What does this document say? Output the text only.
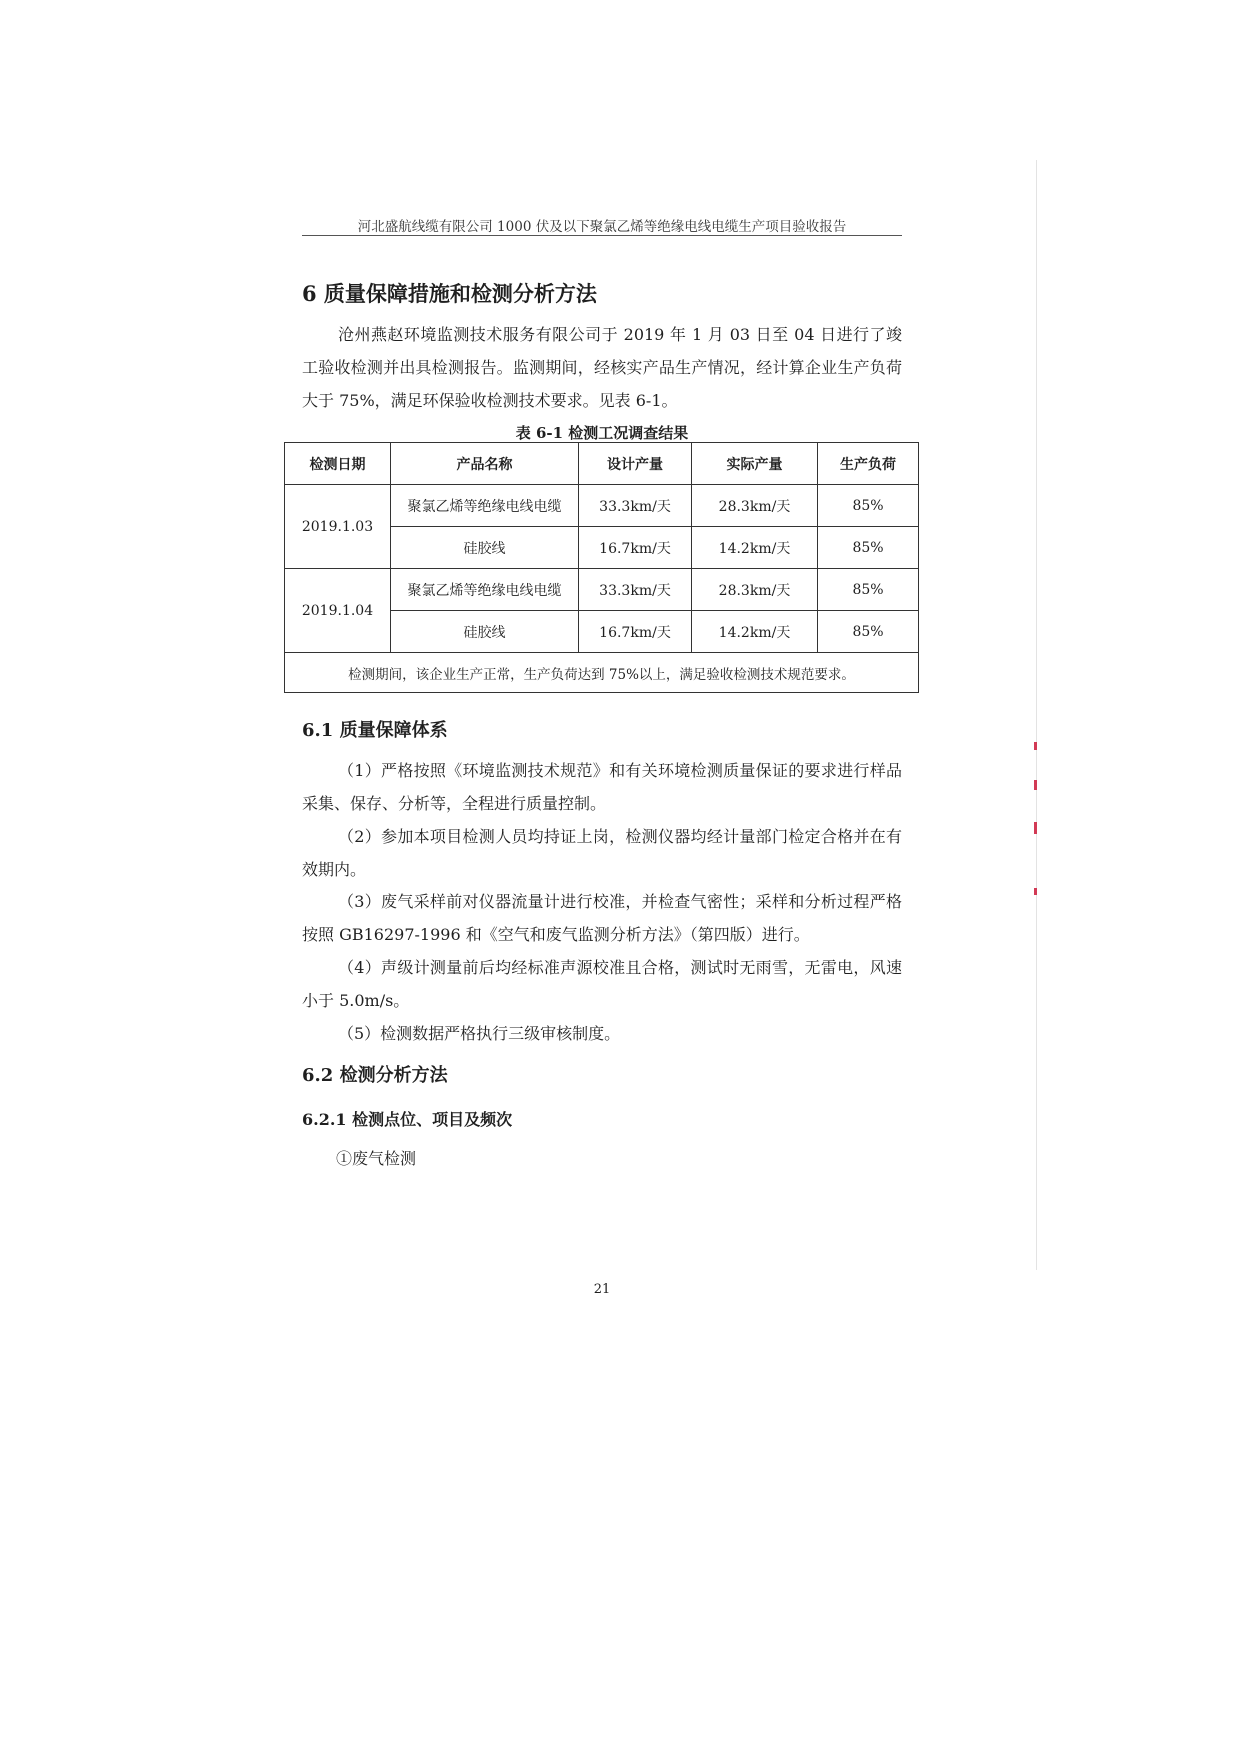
河北盛航线缆有限公司 1000 伏及以下聚氯乙烯等绝缘电线电缆生产项目验收报告
6 质量保障措施和检测分析方法

沧州燕赵环境监测技术服务有限公司于 2019 年 1 月 03 日至 04 日进行了竣工验收检测并出具检测报告。监测期间，经核实产品生产情况，经计算企业生产负荷大于 75%，满足环保验收检测技术要求。见表 6-1。

表 6-1 检测工况调查结果
检测日期	产品名称	设计产量	实际产量	生产负荷
2019.1.03	聚氯乙烯等绝缘电线电缆	33.3km/天	28.3km/天	85%
	硅胶线	16.7km/天	14.2km/天	85%
2019.1.04	聚氯乙烯等绝缘电线电缆	33.3km/天	28.3km/天	85%
	硅胶线	16.7km/天	14.2km/天	85%
检测期间，该企业生产正常，生产负荷达到 75%以上，满足验收检测技术规范要求。				
6.1 质量保障体系

（1）严格按照《环境监测技术规范》和有关环境检测质量保证的要求进行样品采集、保存、分析等，全程进行质量控制。

（2）参加本项目检测人员均持证上岗，检测仪器均经计量部门检定合格并在有效期内。

（3）废气采样前对仪器流量计进行校准，并检查气密性；采样和分析过程严格按照 GB16297-1996 和《空气和废气监测分析方法》（第四版）进行。

（4）声级计测量前后均经标准声源校准且合格，测试时无雨雪，无雷电，风速小于 5.0m/s。

（5）检测数据严格执行三级审核制度。

6.2 检测分析方法
6.2.1 检测点位、项目及频次

①废气检测

21
